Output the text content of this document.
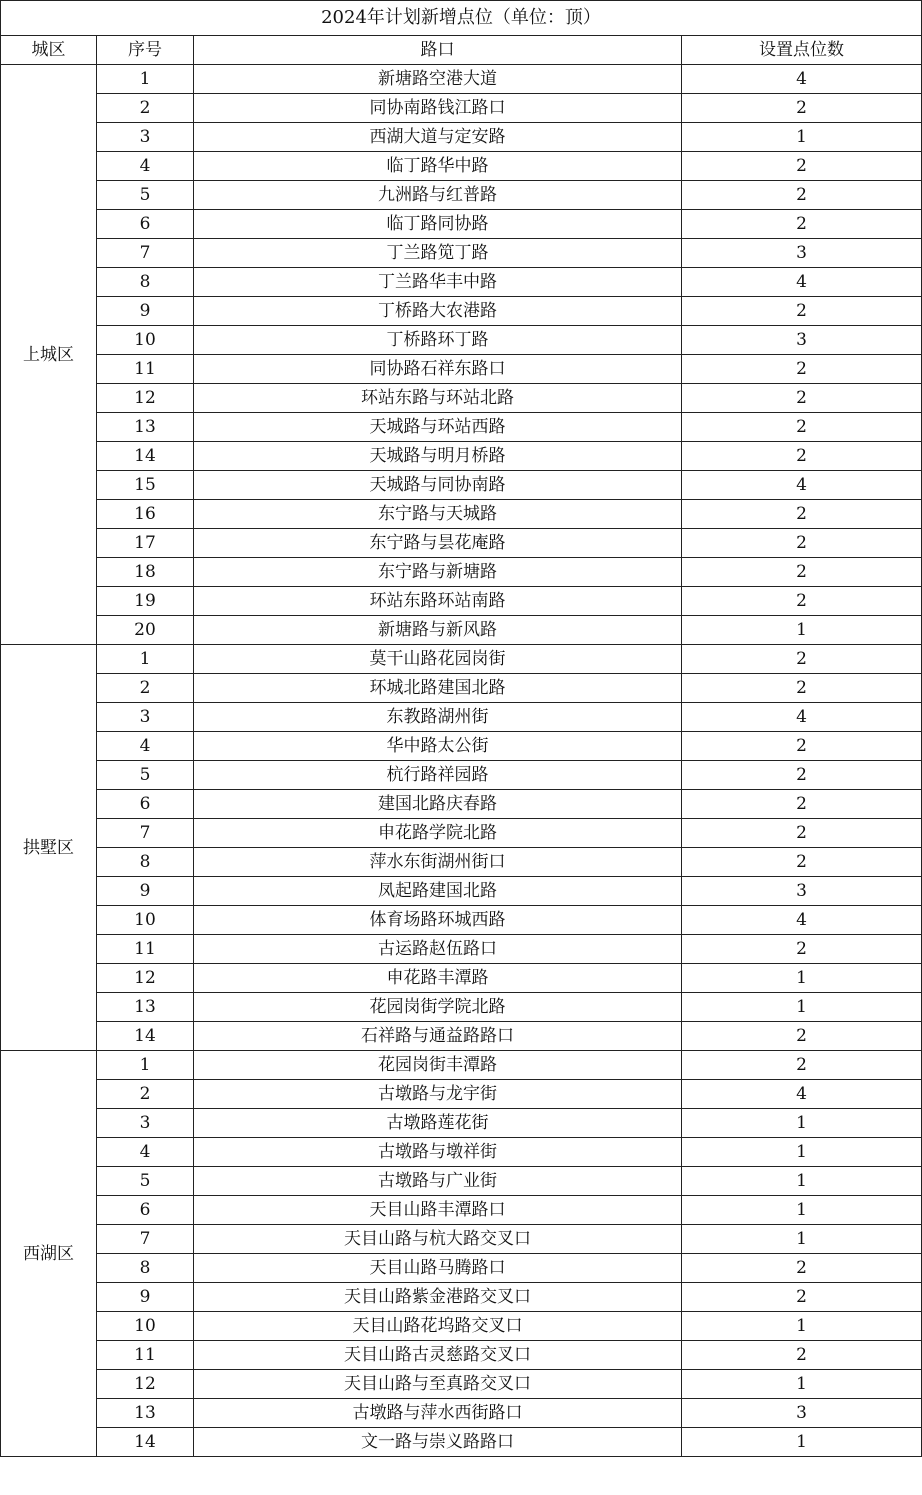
2024年计划新增点位（单位：顶）			
城区	序号	路口	设置点位数
上城区	1	新塘路空港大道	4
	2	同协南路钱江路口	2
	3	西湖大道与定安路	1
	4	临丁路华中路	2
	5	九洲路与红普路	2
	6	临丁路同协路	2
	7	丁兰路笕丁路	3
	8	丁兰路华丰中路	4
	9	丁桥路大农港路	2
	10	丁桥路环丁路	3
	11	同协路石祥东路口	2
	12	环站东路与环站北路	2
	13	天城路与环站西路	2
	14	天城路与明月桥路	2
	15	天城路与同协南路	4
	16	东宁路与天城路	2
	17	东宁路与昙花庵路	2
	18	东宁路与新塘路	2
	19	环站东路环站南路	2
	20	新塘路与新风路	1
拱墅区	1	莫干山路花园岗街	2
	2	环城北路建国北路	2
	3	东教路湖州街	4
	4	华中路太公街	2
	5	杭行路祥园路	2
	6	建国北路庆春路	2
	7	申花路学院北路	2
	8	萍水东街湖州街口	2
	9	凤起路建国北路	3
	10	体育场路环城西路	4
	11	古运路赵伍路口	2
	12	申花路丰潭路	1
	13	花园岗街学院北路	1
	14	石祥路与通益路路口	2
西湖区	1	花园岗街丰潭路	2
	2	古墩路与龙宇街	4
	3	古墩路莲花街	1
	4	古墩路与墩祥街	1
	5	古墩路与广业街	1
	6	天目山路丰潭路口	1
	7	天目山路与杭大路交叉口	1
	8	天目山路马腾路口	2
	9	天目山路紫金港路交叉口	2
	10	天目山路花坞路交叉口	1
	11	天目山路古灵慈路交叉口	2
	12	天目山路与至真路交叉口	1
	13	古墩路与萍水西街路口	3
	14	文一路与崇义路路口	1
